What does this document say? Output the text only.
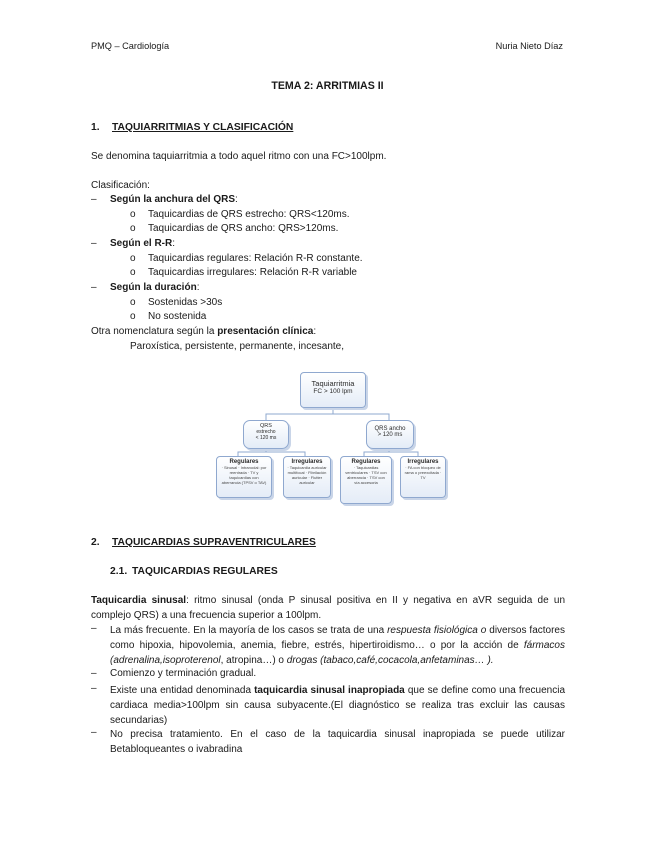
PMQ – Cardiología	Nuria Nieto Díaz
TEMA 2: ARRITMIAS II
1. TAQUIARRITMIAS Y CLASIFICACIÓN
Se denomina taquiarritmia a todo aquel ritmo con una FC>100lpm.
Clasificación:
– Según la anchura del QRS:
o Taquicardias de QRS estrecho: QRS<120ms.
o Taquicardias de QRS ancho: QRS>120ms.
– Según el R-R:
o Taquicardias regulares: Relación R-R constante.
o Taquicardias irregulares: Relación R-R variable
– Según la duración:
o Sostenidas >30s
o No sostenida
Otra nomenclatura según la presentación clínica:
Paroxística, persistente, permanente, incesante,
Taquiarritmia
FC > 100 lpm
QRS
estrecho
< 120 ms
QRS ancho
> 120 ms
Regulares
· Sinusal · Intranodal: por reentrada · TV y taquicardias con aberrancia (TPSV o TAV)
Irregulares
· Taquicardia auricular multifocal · Fibrilación auricular · Flutter auricular
Regulares
· Taquicardias ventriculares · TSV con aberrancia · TSV con vía accesoria
Irregulares
· FA con bloqueo de rama o preexcitada · TV
2. TAQUICARDIAS SUPRAVENTRICULARES
2.1. TAQUICARDIAS REGULARES
Taquicardia sinusal: ritmo sinusal (onda P sinusal positiva en II y negativa en aVR seguida de un complejo QRS) a una frecuencia superior a 100lpm.
– La más frecuente. En la mayoría de los casos se trata de una respuesta fisiológica o diversos factores como hipoxia, hipovolemia, anemia, fiebre, estrés, hipertiroidismo… o por la acción de fármacos (adrenalina,isoproterenol, atropina…) o drogas (tabaco,café,cocacola,anfetaminas… ).
– Comienzo y terminación gradual.
– Existe una entidad denominada taquicardia sinusal inapropiada que se define como una frecuencia cardiaca media>100lpm sin causa subyacente.(El diagnóstico se realiza tras excluir las causas secundarias)
– No precisa tratamiento. En el caso de la taquicardia sinusal inapropiada se puede utilizar Betabloqueantes o ivabradina
